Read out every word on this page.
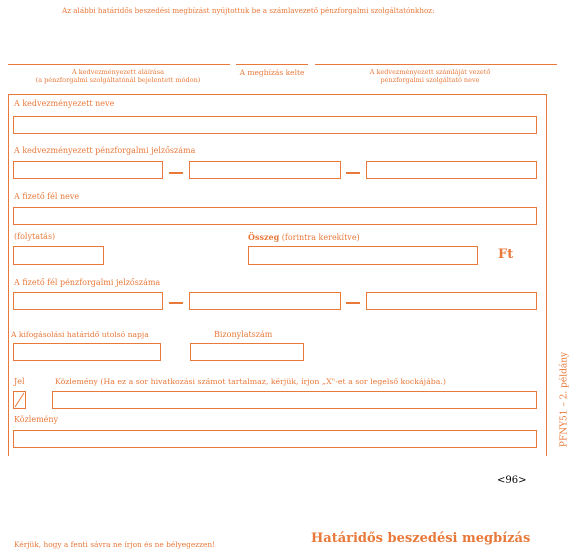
Az alábbi határidős beszedési megbízást nyújtottuk be a számlavezető pénzforgalmi szolgáltatónkhoz:
A kedvezményezett aláírása
(a pénzforgalmi szolgáltatónál bejelentett módon)
A megbízás kelte	A kedvezményezett számláját vezető
pénzforgalmi szolgáltató neve
A kedvezményezett neve
A kedvezményezett pénzforgalmi jelzőszáma
A fizető fél neve
(folytatás)	Összeg (forintra kerekítve)
Ft
A fizető fél pénzforgalmi jelzőszáma
A kifogásolási határidő utolsó napja	Bizonylatszám
Jel	Közlemény (Ha ez a sor hivatkozási számot tartalmaz, kérjük, írjon „X"-et a sor legelső kockájába.)
Közlemény	PFNY51 – 2. példány
<96>
Kérjük, hogy a fenti sávra ne írjon és ne bélyegezzen!	Határidős beszedési megbízás
